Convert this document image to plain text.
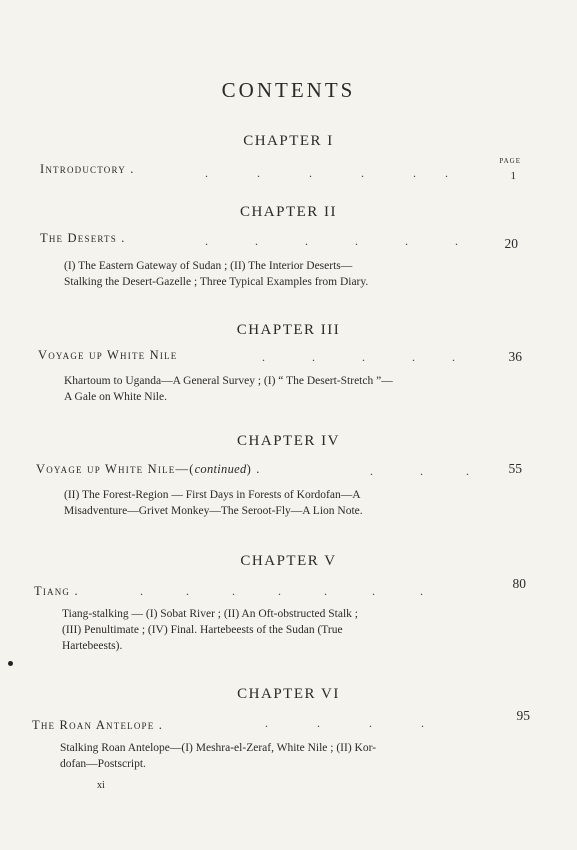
CONTENTS
PAGE
CHAPTER I
Introductory .	.	.	.	.	. .	1
CHAPTER II
The Deserts .	.	.	.	.	.	.	20
(I) The Eastern Gateway of Sudan ; (II) The Interior Deserts—
Stalking the Desert-Gazelle ; Three Typical Examples from Diary.
CHAPTER III
Voyage up White Nile	.	.	.	.	.	36
Khartoum to Uganda—A General Survey ; (I) “ The Desert-Stretch ”—
A Gale on White Nile.
CHAPTER IV
Voyage up White Nile—(continued) .	.	.	.	55
(II) The Forest-Region — First Days in Forests of Kordofan—A
Misadventure—Grivet Monkey—The Seroot-Fly—A Lion Note.
CHAPTER V
Tiang .	.	.	.	.	.	.	.	80
Tiang-stalking — (I) Sobat River ; (II) An Oft-obstructed Stalk ;
(III) Penultimate ; (IV) Final. Hartebeests of the Sudan (True
Hartebeests).
CHAPTER VI
The Roan Antelope .	.	.	.	.	95
Stalking Roan Antelope—(I) Meshra-el-Zeraf, White Nile ; (II) Kor-
dofan—Postscript.
xi
